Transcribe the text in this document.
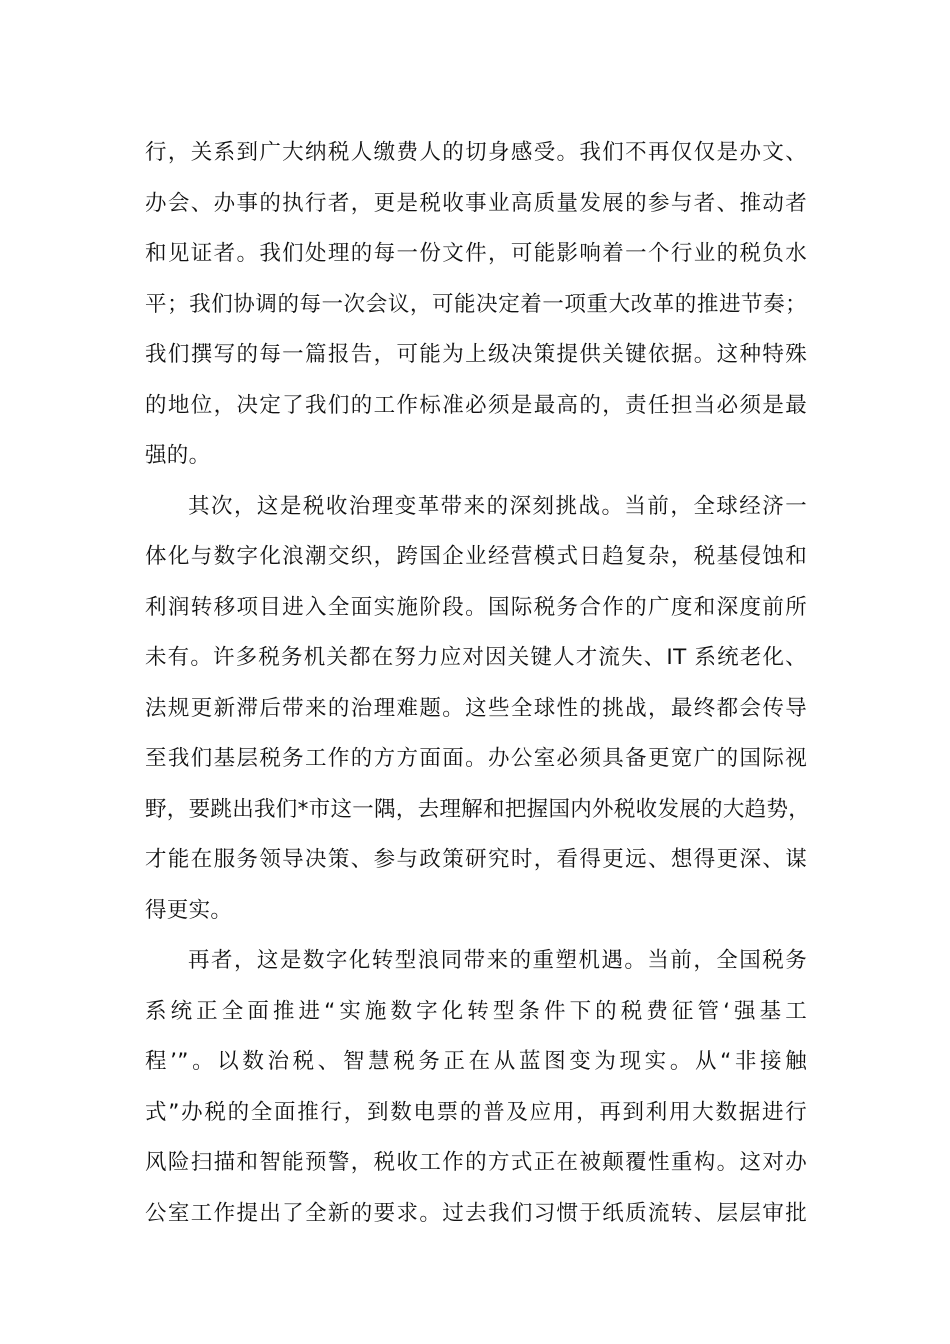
行，关系到广大纳税人缴费人的切身感受。我们不再仅仅是办文、
办会、办事的执行者，更是税收事业高质量发展的参与者、推动者
和见证者。我们处理的每一份文件，可能影响着一个行业的税负水
平；我们协调的每一次会议，可能决定着一项重大改革的推进节奏；
我们撰写的每一篇报告，可能为上级决策提供关键依据。这种特殊
的地位，决定了我们的工作标准必须是最高的，责任担当必须是最
强的。
其次，这是税收治理变革带来的深刻挑战。当前，全球经济一
体化与数字化浪潮交织，跨国企业经营模式日趋复杂，税基侵蚀和
利润转移项目进入全面实施阶段。国际税务合作的广度和深度前所
未有。许多税务机关都在努力应对因关键人才流失、IT 系统老化、
法规更新滞后带来的治理难题。这些全球性的挑战，最终都会传导
至我们基层税务工作的方方面面。办公室必须具备更宽广的国际视
野，要跳出我们*市这一隅，去理解和把握国内外税收发展的大趋势，
才能在服务领导决策、参与政策研究时，看得更远、想得更深、谋
得更实。
再者，这是数字化转型浪同带来的重塑机遇。当前，全国税务
系统正全面推进“实施数字化转型条件下的税费征管‘强基工
程’”。以数治税、智慧税务正在从蓝图变为现实。从“非接触
式”办税的全面推行，到数电票的普及应用，再到利用大数据进行
风险扫描和智能预警，税收工作的方式正在被颠覆性重构。这对办
公室工作提出了全新的要求。过去我们习惯于纸质流转、层层审批
